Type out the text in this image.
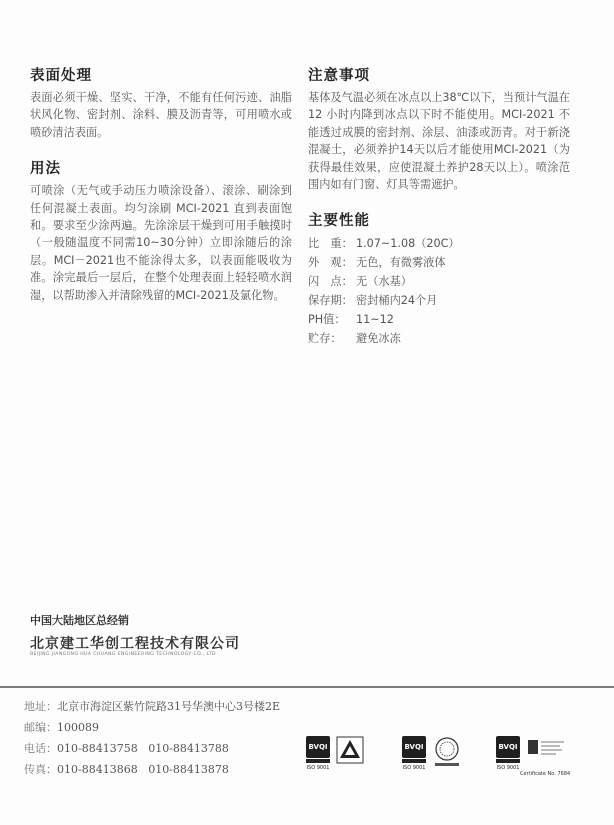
表面处理

表面必须干燥、坚实、干净，不能有任何污迹、油脂状风化物、密封剂、涂料、膜及沥青等，可用喷水或喷砂清洁表面。

用法

可喷涂（无气或手动压力喷涂设备）、滚涂、刷涂到任何混凝土表面。均匀涂刷 MCI-2021 直到表面饱和。要求至少涂两遍。先涂涂层干燥到可用手触摸时（一般随温度不同需10~30分钟）立即涂随后的涂层。MCI－2021也不能涂得太多，以表面能吸收为准。涂完最后一层后，在整个处理表面上轻轻喷水润湿，以帮助渗入并清除残留的MCI-2021及氯化物。

注意事项

基体及气温必须在冰点以上38℃以下，当预计气温在 12 小时内降到冰点以下时不能使用。MCI-2021 不能透过成膜的密封剂、涂层、油漆或沥青。对于新浇混凝土，必须养护14天以后才能使用MCI-2021（为获得最佳效果，应使混凝土养护28天以上）。喷涂范围内如有门窗、灯具等需遮护。

主要性能
比　重： 1.07~1.08（20C）
外　观： 无色，有微雾液体
闪　点： 无（水基）
保存期： 密封桶内24个月
PH值： 11~12
贮存： 避免冰冻
中国大陆地区总经销
北京建工华创工程技术有限公司
BEIJING JIANGONG HUA CHUANG ENGINEERING TECHNOLOGY CO., LTD
地址：北京市海淀区紫竹院路31号华澳中心3号楼2E
邮编：100089
电话：010-88413758   010-88413788
传真：010-88413868   010-88413878
BVQI
ISO 9001
BVQI
ISO 9001
BVQI
ISO 9001
Certificate No. 7684
